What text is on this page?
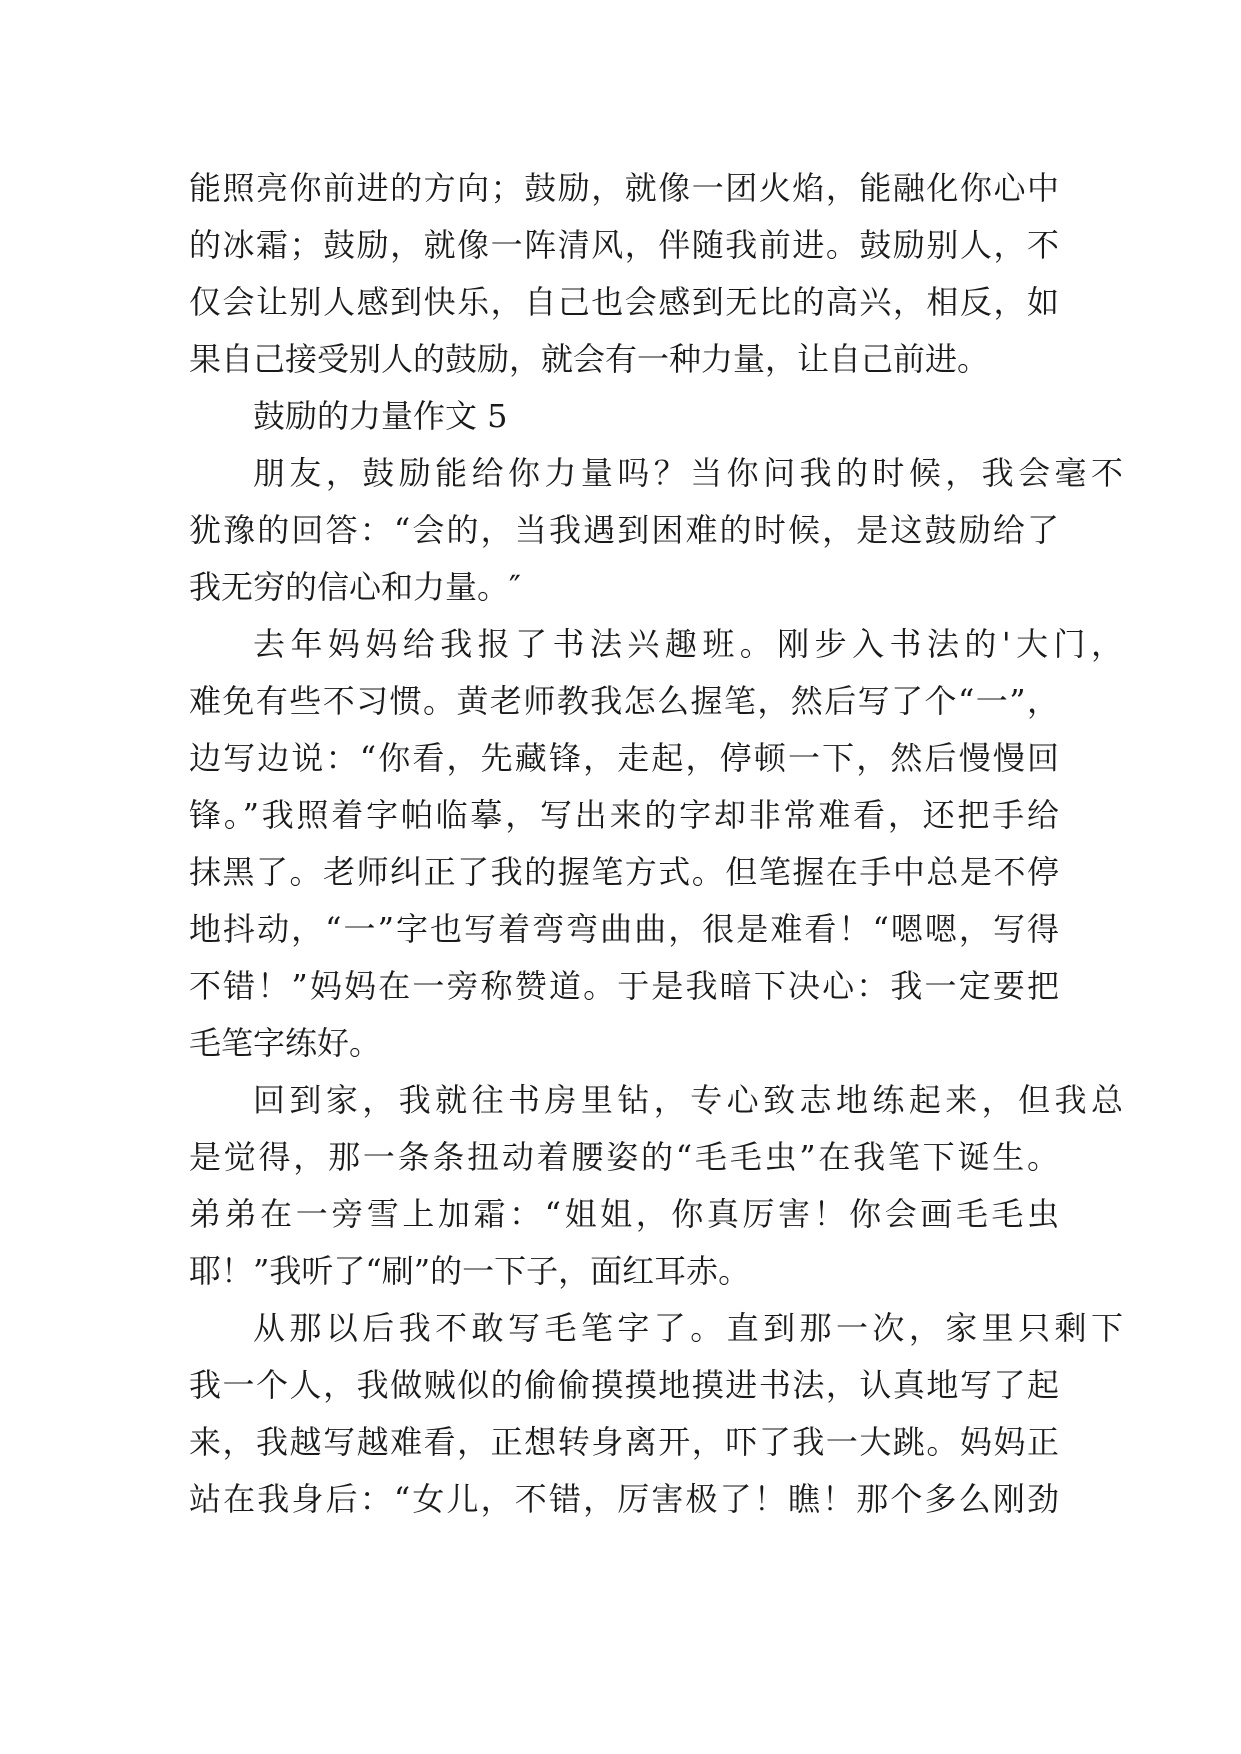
能照亮你前进的方向；鼓励，就像一团火焰，能融化你心中
的冰霜；鼓励，就像一阵清风，伴随我前进。鼓励别人，不
仅会让别人感到快乐，自己也会感到无比的高兴，相反，如
果自己接受别人的鼓励，就会有一种力量，让自己前进。
鼓励的力量作文 5
朋友，鼓励能给你力量吗？当你问我的时候，我会毫不
犹豫的回答：“会的，当我遇到困难的时候，是这鼓励给了
我无穷的信心和力量。″
去年妈妈给我报了书法兴趣班。刚步入书法的'大门，
难免有些不习惯。黄老师教我怎么握笔，然后写了个“一”，
边写边说：“你看，先藏锋，走起，停顿一下，然后慢慢回
锋。”我照着字帕临摹，写出来的字却非常难看，还把手给
抹黑了。老师纠正了我的握笔方式。但笔握在手中总是不停
地抖动，“一”字也写着弯弯曲曲，很是难看！“嗯嗯，写得
不错！”妈妈在一旁称赞道。于是我暗下决心：我一定要把
毛笔字练好。
回到家，我就往书房里钻，专心致志地练起来，但我总
是觉得，那一条条扭动着腰姿的“毛毛虫”在我笔下诞生。
弟弟在一旁雪上加霜：“姐姐，你真厉害！你会画毛毛虫
耶！”我听了“刷”的一下子，面红耳赤。
从那以后我不敢写毛笔字了。直到那一次，家里只剩下
我一个人，我做贼似的偷偷摸摸地摸进书法，认真地写了起
来，我越写越难看，正想转身离开，吓了我一大跳。妈妈正
站在我身后：“女儿，不错，厉害极了！瞧！那个多么刚劲
